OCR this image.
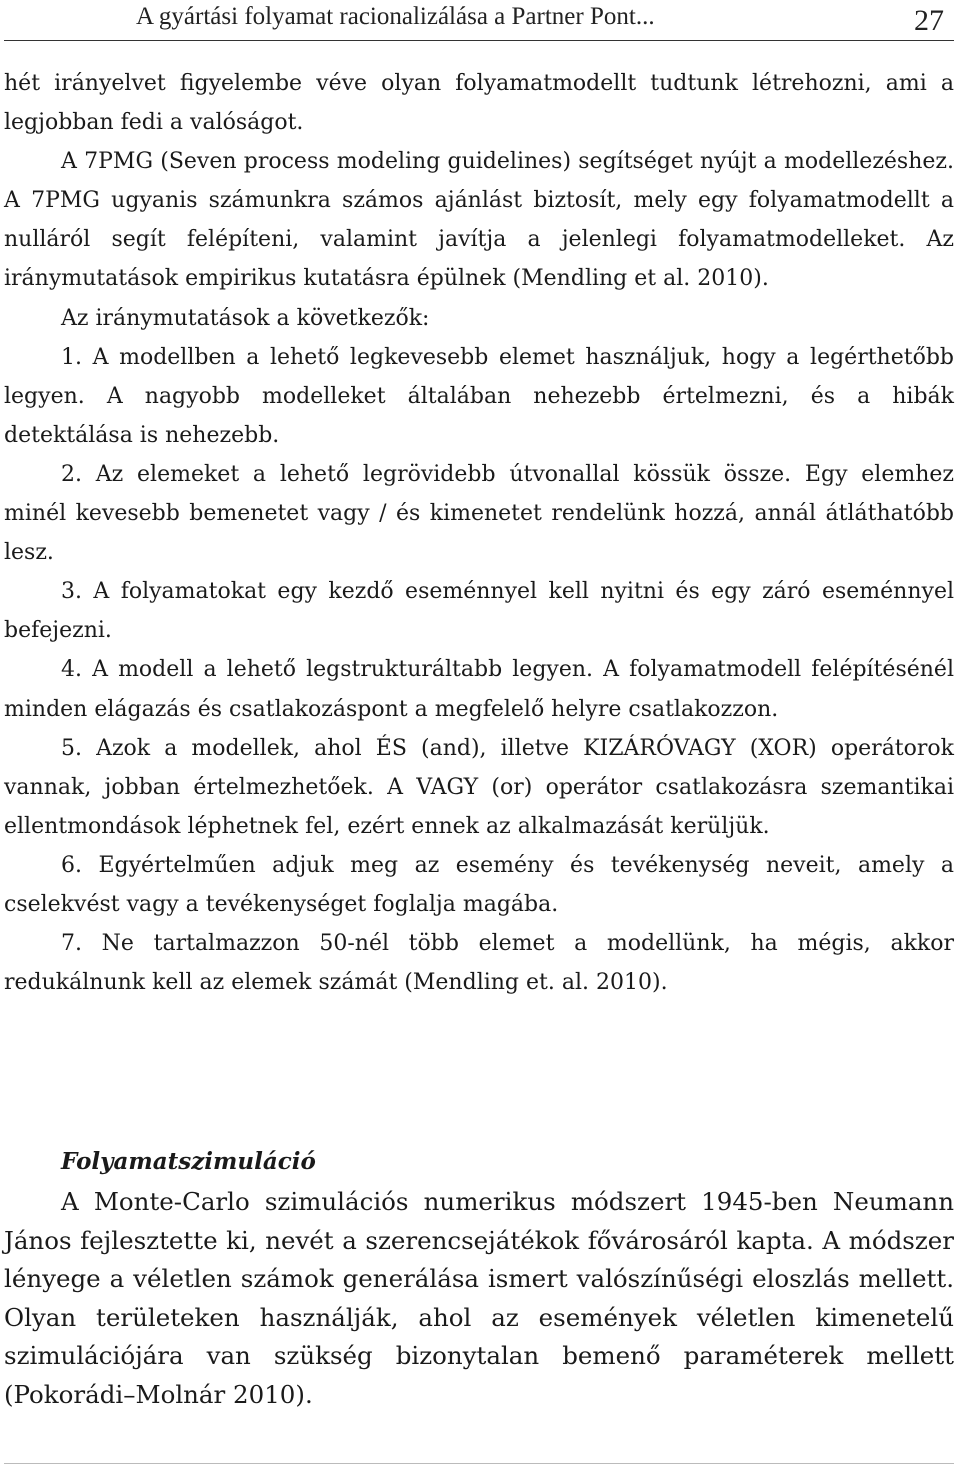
A gyártási folyamat racionalizálása a Partner Pont...	27

hét irányelvet figyelembe véve olyan folyamatmodellt tudtunk létrehozni, ami a legjobban fedi a valóságot.

A 7PMG (Seven process modeling guidelines) segítséget nyújt a modellezéshez. A 7PMG ugyanis számunkra számos ajánlást biztosít, mely egy folyamatmodellt a nulláról segít felépíteni, valamint javítja a jelenlegi folyamatmodelleket. Az iránymutatások empirikus kutatásra épülnek (Mendling et al. 2010).

Az iránymutatások a következők:

1. A modellben a lehető legkevesebb elemet használjuk, hogy a legérthetőbb legyen. A nagyobb modelleket általában nehezebb értelmezni, és a hibák detektálása is nehezebb.

2. Az elemeket a lehető legrövidebb útvonallal kössük össze. Egy elemhez minél kevesebb bemenetet vagy / és kimenetet rendelünk hozzá, annál átláthatóbb lesz.

3. A folyamatokat egy kezdő eseménnyel kell nyitni és egy záró eseménnyel befejezni.

4. A modell a lehető legstrukturáltabb legyen. A folyamatmodell felépítésénél minden elágazás és csatlakozáspont a megfelelő helyre csatlakozzon.

5. Azok a modellek, ahol ÉS (and), illetve KIZÁRÓVAGY (XOR) operátorok vannak, jobban értelmezhetőek. A VAGY (or) operátor csatlakozásra szemantikai ellentmondások léphetnek fel, ezért ennek az alkalmazását kerüljük.

6. Egyértelműen adjuk meg az esemény és tevékenység neveit, amely a cselekvést vagy a tevékenységet foglalja magába.

7. Ne tartalmazzon 50-nél több elemet a modellünk, ha mégis, akkor redukálnunk kell az elemek számát (Mendling et. al. 2010).

Folyamatszimuláció

A Monte-Carlo szimulációs numerikus módszert 1945-ben Neumann János fejlesztette ki, nevét a szerencsejátékok fővárosáról kapta. A módszer lényege a véletlen számok generálása ismert valószínűségi eloszlás mellett. Olyan területeken használják, ahol az események véletlen kimenetelű szimulációjára van szükség bizonytalan bemenő paraméterek mellett (Pokorádi–Molnár 2010).
